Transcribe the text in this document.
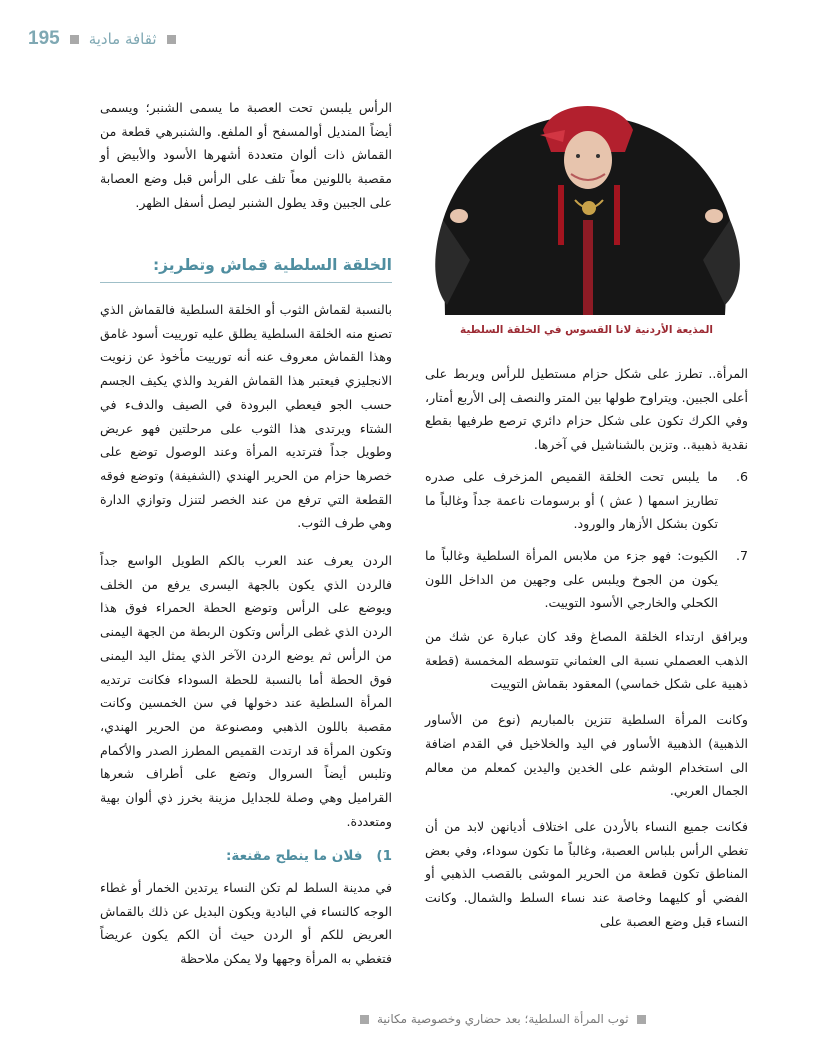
195 ثقافة مادية
المذيعة الأردنية لانا القسوس في الخلقة السلطية

الرأس يلبسن تحت العصبة ما يسمى الشنبر؛ ويسمى أيضاً المنديل أوالمسفح أو الملفع. والشنبرهي قطعة من القماش ذات ألوان متعددة أشهرها الأسود والأبيض أو مقصبة باللونين معاً تلف على الرأس قبل وضع العصابة على الجبين وقد يطول الشنبر ليصل أسفل الظهر.

الخلقة السلطية قماش وتطريز:

بالنسبة لقماش الثوب أو الخلقة السلطية فالقماش الذي تصنع منه الخلقة السلطية يطلق عليه تورييت أسود غامق وهذا القماش معروف عنه أنه تورييت مأخوذ عن زنويت الانجليزي فيعتبر هذا القماش الفريد والذي يكيف الجسم حسب الجو فيعطي البرودة في الصيف والدفء في الشتاء ويرتدى هذا الثوب على مرحلتين فهو عريض وطويل جداً فترتديه المرأة وعند الوصول توضع على خصرها حزام من الحرير الهندي (الشفيفة) وتوضع فوقه القطعة التي ترفع من عند الخصر لتنزل وتوازي الدارة وهي طرف الثوب.

الردن يعرف عند العرب بالكم الطويل الواسع جداً فالردن الذي يكون بالجهة اليسرى يرفع من الخلف ويوضع على الرأس وتوضع الحطة الحمراء فوق هذا الردن الذي غطى الرأس وتكون الربطة من الجهة اليمنى من الرأس ثم يوضع الردن الآخر الذي يمثل اليد اليمنى فوق الحطة أما بالنسبة للحطة السوداء فكانت ترتديه المرأة السلطية عند دخولها في سن الخمسين وكانت مقصبة باللون الذهبي ومصنوعة من الحرير الهندي، وتكون المرأة قد ارتدت القميص المطرز الصدر والأكمام وتلبس أيضاً السروال وتضع على أطراف شعرها القراميل وهي وصلة للجدايل مزينة بخرز ذي ألوان بهية ومتعددة.

1)
فلان ما ينطح مقنعة:

في مدينة السلط لم تكن النساء يرتدين الخمار أو غطاء الوجه كالنساء في البادية ويكون البديل عن ذلك بالقماش العريض للكم أو الردن حيث أن الكم يكون عريضاً فتغطي به المرأة وجهها ولا يمكن ملاحظة

المرأة.. تطرز على شكل حزام مستطيل للرأس ويربط على أعلى الجبين. ويتراوح طولها بين المتر والنصف إلى الأربع أمتار، وفي الكرك تكون على شكل حزام دائري ترصع طرفيها بقطع نقدية ذهبية.. وتزين بالشناشيل في آخرها.

6.
ما يلبس تحت الخلقة القميص المزخرف على صدره تطاريز اسمها ( عش ) أو برسومات ناعمة جداً وغالباً ما تكون بشكل الأزهار والورود.
7.
الكيوت: فهو جزء من ملابس المرأة السلطية وغالباً ما يكون من الجوخ ويلبس على وجهين من الداخل اللون الكحلي والخارجي الأسود التوييت.

ويرافق ارتداء الخلقة المصاغ وقد كان عبارة عن شك من الذهب العصملي نسبة الى العثماني تتوسطه المخمسة (قطعة ذهبية على شكل خماسي) المعقود بقماش التوييت

وكانت المرأة السلطية تتزين بالمباريم (نوع من الأساور الذهبية) الذهبية الأساور في اليد والخلاخيل في القدم اضافة الى استخدام الوشم على الخدين واليدين كمعلم من معالم الجمال العربي.

فكانت جميع النساء بالأردن على اختلاف أديانهن لابد من أن تغطي الرأس بلباس العصبة، وغالباً ما تكون سوداء، وفي بعض المناطق تكون قطعة من الحرير الموشى بالقصب الذهبي أو الفضي أو كليهما وخاصة عند نساء السلط والشمال. وكانت النساء قبل وضع العصبة على

ثوب المرأة السلطية؛ بعد حضاري وخصوصية مكانية
